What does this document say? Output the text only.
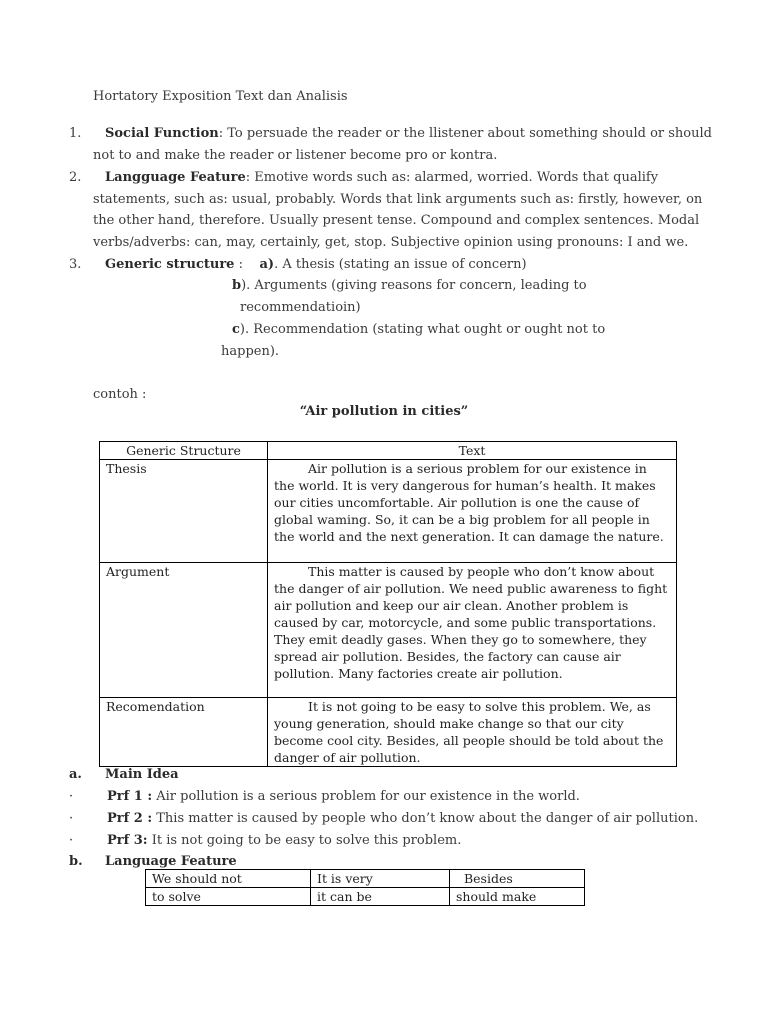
Hortatory Exposition Text dan Analisis
1. Social Function: To persuade the reader or the llistener about something should or should
not to and make the reader or listener become pro or kontra.
2. Langguage Feature: Emotive words such as: alarmed, worried. Words that qualify
statements, such as: usual, probably. Words that link arguments such as: firstly, however, on
the other hand, therefore. Usually present tense. Compound and complex sentences. Modal
verbs/adverbs: can, may, certainly, get, stop. Subjective opinion using pronouns: I and we.
3. Generic structure : a). A thesis (stating an issue of concern)
b). Arguments (giving reasons for concern, leading to
recommendatioin)
c). Recommendation (stating what ought or ought not to
happen).
contoh :
“Air pollution in cities”
Generic Structure	Text
Thesis	Air pollution is a serious problem for our existence in the world. It is very dangerous for human’s health. It makes our cities uncomfortable. Air pollution is one the cause of global waming. So, it can be a big problem for all people in the world and the next generation. It can damage the nature.
Argument	This matter is caused by people who don’t know about the danger of air pollution. We need public awareness to fight air pollution and keep our air clean. Another problem is caused by car, motorcycle, and some public transportations. They emit deadly gases. When they go to somewhere, they spread air pollution. Besides, the factory can cause air pollution. Many factories create air pollution.
Recomendation	It is not going to be easy to solve this problem. We, as young generation, should make change so that our city become cool city. Besides, all people should be told about the danger of air pollution.
a. Main Idea
·	Prf 1 : Air pollution is a serious problem for our existence in the world.
·	Prf 2 : This matter is caused by people who don’t know about the danger of air pollution.
·	Prf 3: It is not going to be easy to solve this problem.
b. Language Feature
We should not	It is very	Besides
to solve	it can be	should make
